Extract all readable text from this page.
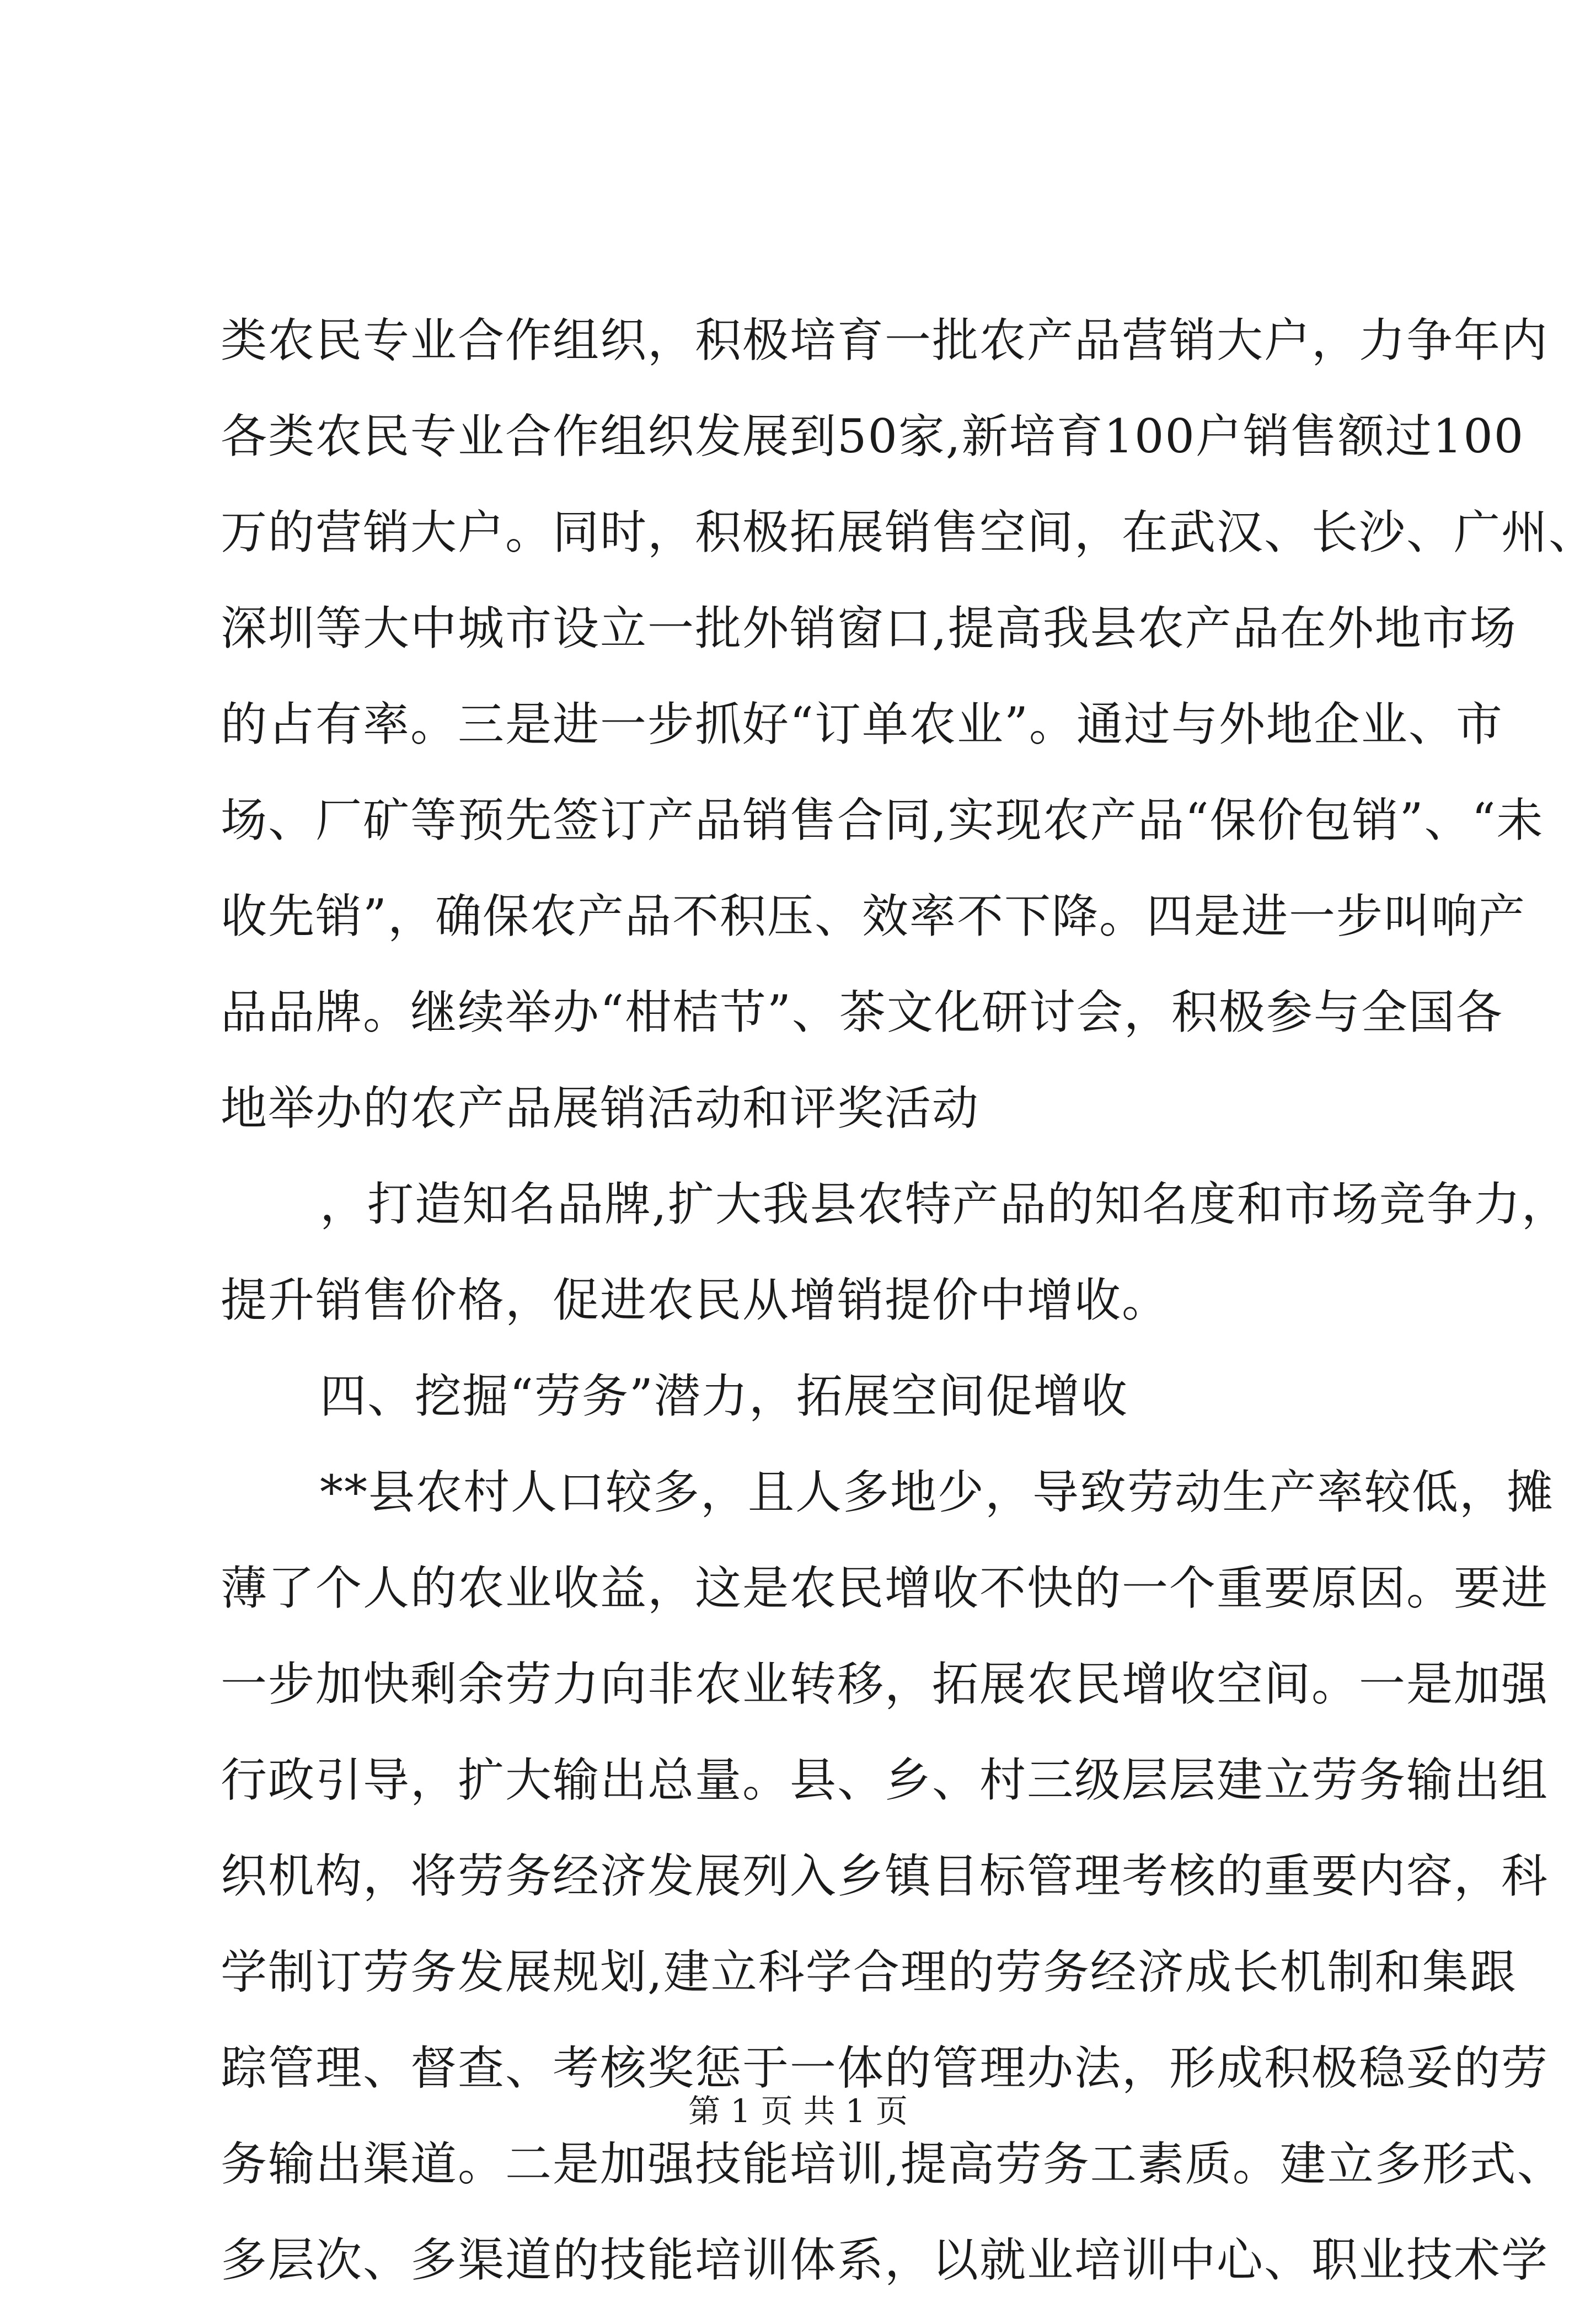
类农民专业合作组织，积极培育一批农产品营销大户，力争年内
各类农民专业合作组织发展到50家,新培育100户销售额过100
万的营销大户。同时，积极拓展销售空间，在武汉、长沙、广州、
深圳等大中城市设立一批外销窗口,提高我县农产品在外地市场
的占有率。三是进一步抓好“订单农业”。通过与外地企业、市
场、厂矿等预先签订产品销售合同,实现农产品“保价包销”、“未
收先销”，确保农产品不积压、效率不下降。四是进一步叫响产
品品牌。继续举办“柑桔节”、茶文化研讨会，积极参与全国各
地举办的农产品展销活动和评奖活动
，打造知名品牌,扩大我县农特产品的知名度和市场竞争力，
提升销售价格，促进农民从增销提价中增收。
四、挖掘“劳务”潜力，拓展空间促增收
**县农村人口较多，且人多地少，导致劳动生产率较低，摊
薄了个人的农业收益，这是农民增收不快的一个重要原因。要进
一步加快剩余劳力向非农业转移，拓展农民增收空间。一是加强
行政引导，扩大输出总量。县、乡、村三级层层建立劳务输出组
织机构，将劳务经济发展列入乡镇目标管理考核的重要内容，科
学制订劳务发展规划,建立科学合理的劳务经济成长机制和集跟
踪管理、督查、考核奖惩于一体的管理办法，形成积极稳妥的劳
务输出渠道。二是加强技能培训,提高劳务工素质。建立多形式、
多层次、多渠道的技能培训体系，以就业培训中心、职业技术学
第 1 页 共 1 页
